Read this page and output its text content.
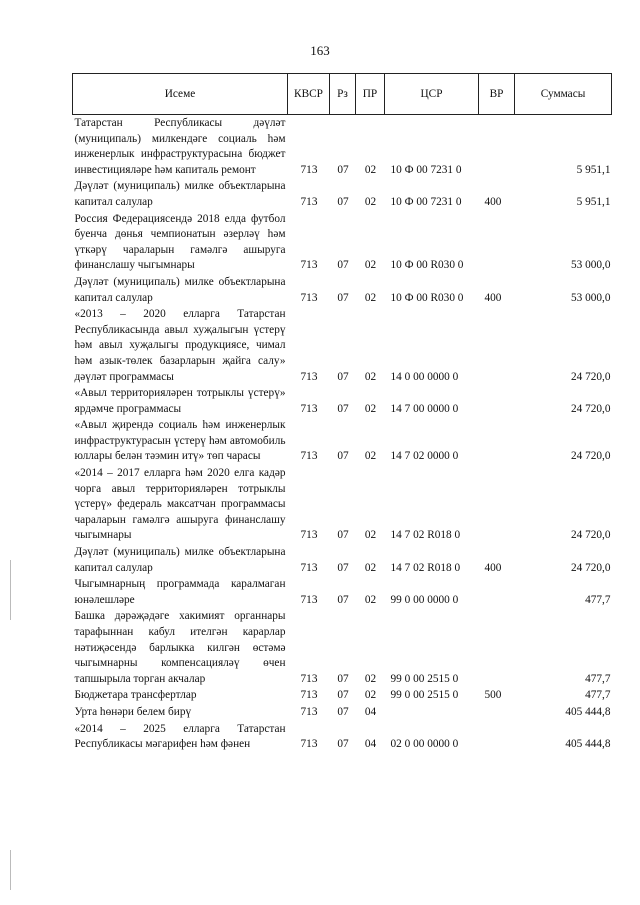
163
Исеме	КВСР	Рз	ПР	ЦСР	ВР	Суммасы
Татарстан Республикасы дәүләт (муниципаль) милкендәге социаль һәм инженерлык инфраструктурасына бюджет инвестицияләре һәм капиталь ремонт	713	07	02	10 Ф 00 7231 0		5 951,1
Дәүләт (муниципаль) милке объектларына капитал салулар	713	07	02	10 Ф 00 7231 0	400	5 951,1
Россия Федерациясендә 2018 елда футбол буенча дөнья чемпионатын әзерләү һәм үткәрү чараларын гамәлгә ашыруга финанслашу чыгымнары	713	07	02	10 Ф 00 R030 0		53 000,0
Дәүләт (муниципаль) милке объектларына капитал салулар	713	07	02	10 Ф 00 R030 0	400	53 000,0
«2013 – 2020 елларга Татарстан Республикасында авыл хуҗалыгын үстерү һәм авыл хуҗалыгы продукциясе, чимал һәм азык-төлек базарларын җайга салу» дәүләт программасы	713	07	02	14 0 00 0000 0		24 720,0
«Авыл территорияләрен тотрыклы үстерү» ярдәмче программасы	713	07	02	14 7 00 0000 0		24 720,0
«Авыл җирендә социаль һәм инженерлык инфраструктурасын үстерү һәм автомобиль юллары белән тәэмин итү» төп чарасы	713	07	02	14 7 02 0000 0		24 720,0
«2014 – 2017 елларга һәм 2020 елга кадәр чорга авыл территорияләрен тотрыклы үстерү» федераль максатчан программасы чараларын гамәлгә ашыруга финанслашу чыгымнары	713	07	02	14 7 02 R018 0		24 720,0
Дәүләт (муниципаль) милке объектларына капитал салулар	713	07	02	14 7 02 R018 0	400	24 720,0
Чыгымнарның программада каралмаган юнәлешләре	713	07	02	99 0 00 0000 0		477,7
Башка дәрәҗәдәге хакимият органнары тарафыннан кабул ителгән карарлар нәтиҗәсендә барлыкка килгән өстәмә чыгымнарны компенсацияләү өчен тапшырыла торган акчалар	713	07	02	99 0 00 2515 0		477,7
Бюджетара трансфертлар	713	07	02	99 0 00 2515 0	500	477,7
Урта һөнәри белем бирү	713	07	04			405 444,8
«2014 – 2025 елларга Татарстан Республикасы мәгарифен һәм фәнен	713	07	04	02 0 00 0000 0		405 444,8
